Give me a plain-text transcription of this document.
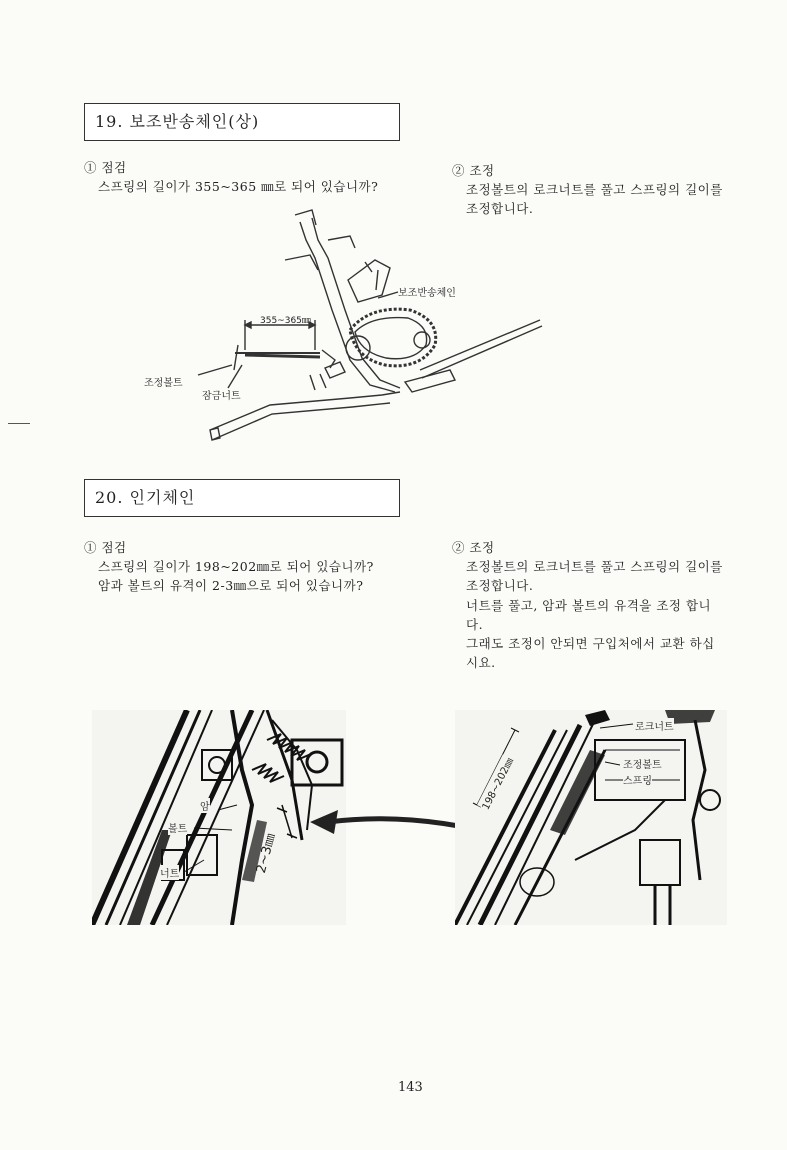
19. 보조반송체인(상)
① 점검
스프링의 길이가 355~365 ㎜로 되어 있습니까?
② 조정
조정볼트의 로크너트를 풀고 스프링의 길이를
조정합니다.
보조반송체인
355~365㎜
조정볼트
잠금너트
20. 인기체인
① 점검
스프링의 길이가 198~202㎜로 되어 있습니까?
암과 볼트의 유격이 2-3㎜으로 되어 있습니까?
② 조정
조정볼트의 로크너트를 풀고 스프링의 길이를
조정합니다.
너트를 풀고, 암과 볼트의 유격을 조정 합니
다.
그래도 조정이 안되면 구입처에서 교환 하십
시요.
암
볼트
너트	2~3㎜
198~202㎜
로크너트
조정볼트
스프링
143
